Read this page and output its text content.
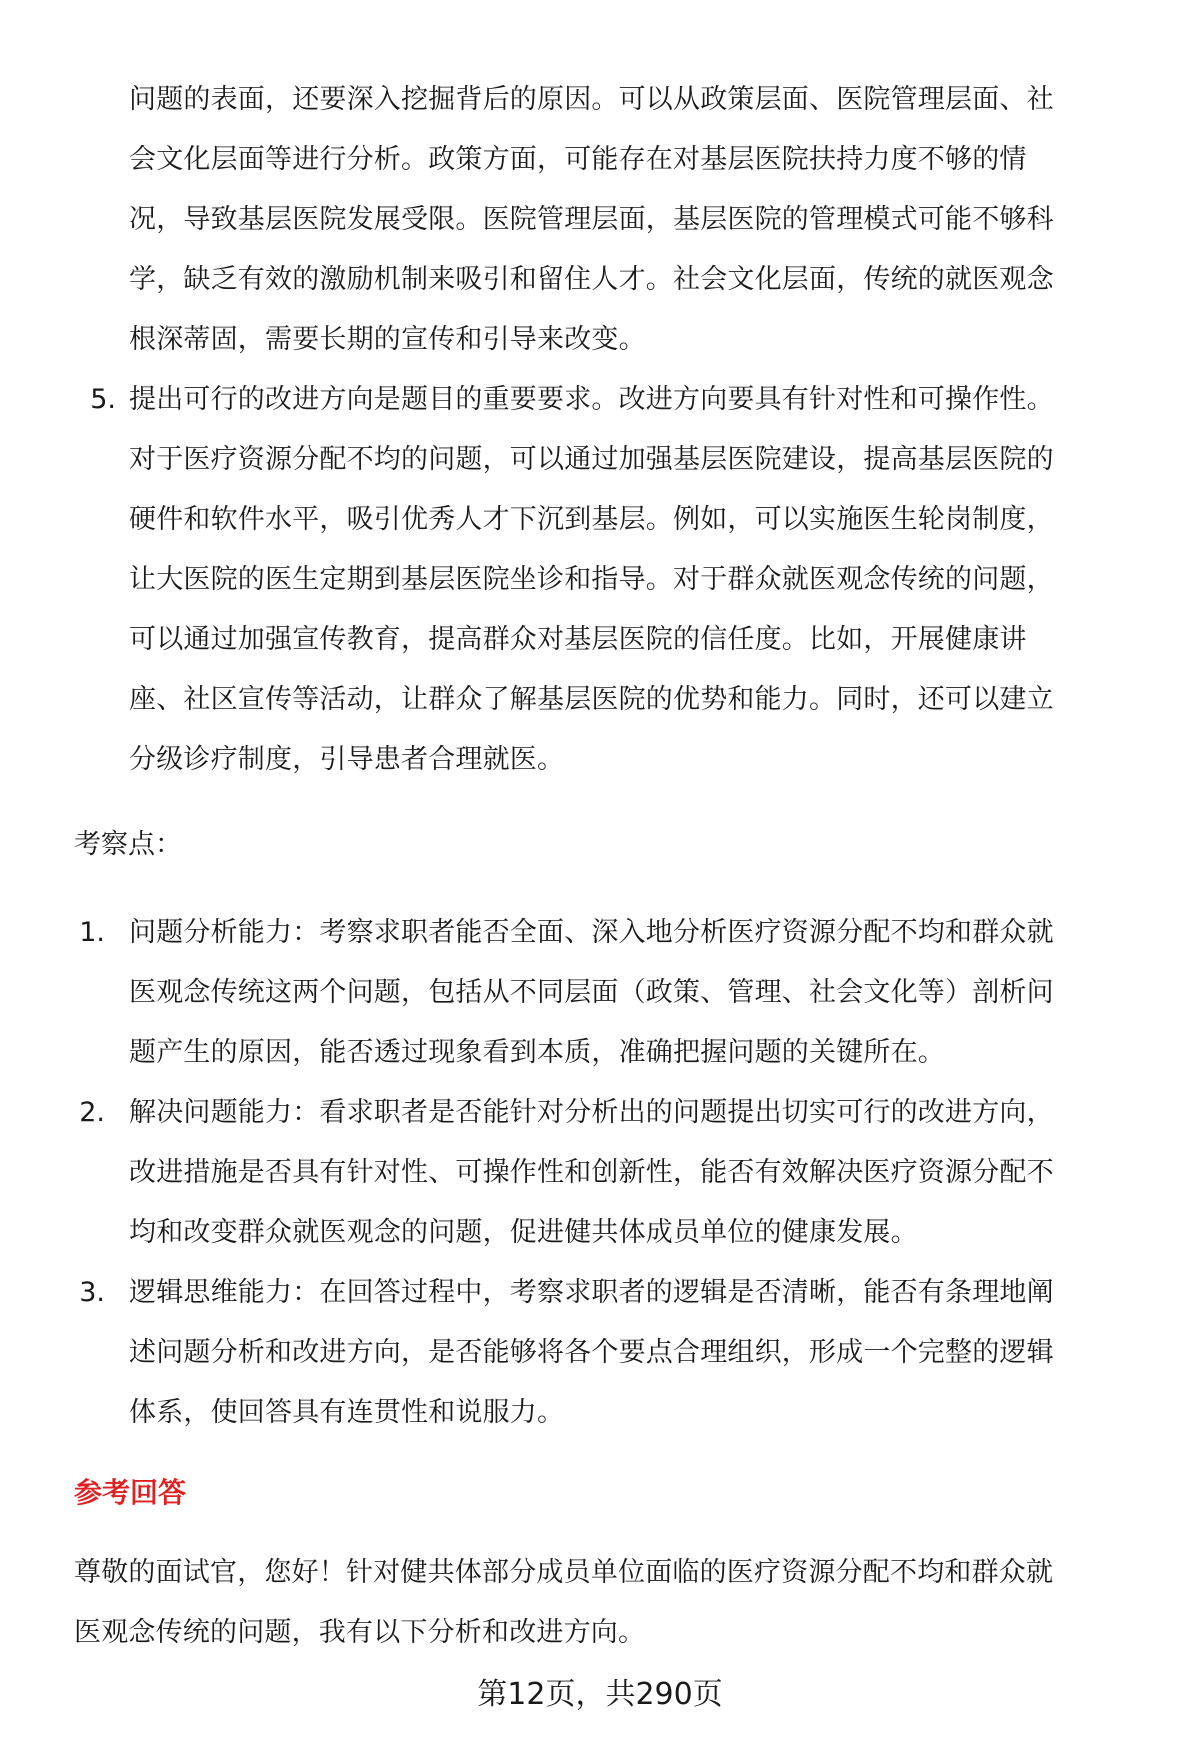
问题的表面，还要深入挖掘背后的原因。可以从政策层面、医院管理层面、社
会文化层面等进行分析。政策方面，可能存在对基层医院扶持力度不够的情
况，导致基层医院发展受限。医院管理层面，基层医院的管理模式可能不够科
学，缺乏有效的激励机制来吸引和留住人才。社会文化层面，传统的就医观念
根深蒂固，需要长期的宣传和引导来改变。
5. 提出可行的改进方向是题目的重要要求。改进方向要具有针对性和可操作性。
对于医疗资源分配不均的问题，可以通过加强基层医院建设，提高基层医院的
硬件和软件水平，吸引优秀人才下沉到基层。例如，可以实施医生轮岗制度，
让大医院的医生定期到基层医院坐诊和指导。对于群众就医观念传统的问题，
可以通过加强宣传教育，提高群众对基层医院的信任度。比如，开展健康讲
座、社区宣传等活动，让群众了解基层医院的优势和能力。同时，还可以建立
分级诊疗制度，引导患者合理就医。
考察点：
1. 问题分析能力：考察求职者能否全面、深入地分析医疗资源分配不均和群众就
医观念传统这两个问题，包括从不同层面（政策、管理、社会文化等）剖析问
题产生的原因，能否透过现象看到本质，准确把握问题的关键所在。
2. 解决问题能力：看求职者是否能针对分析出的问题提出切实可行的改进方向，
改进措施是否具有针对性、可操作性和创新性，能否有效解决医疗资源分配不
均和改变群众就医观念的问题，促进健共体成员单位的健康发展。
3. 逻辑思维能力：在回答过程中，考察求职者的逻辑是否清晰，能否有条理地阐
述问题分析和改进方向，是否能够将各个要点合理组织，形成一个完整的逻辑
体系，使回答具有连贯性和说服力。
参考回答
尊敬的面试官，您好！针对健共体部分成员单位面临的医疗资源分配不均和群众就
医观念传统的问题，我有以下分析和改进方向。
第12页，共290页
